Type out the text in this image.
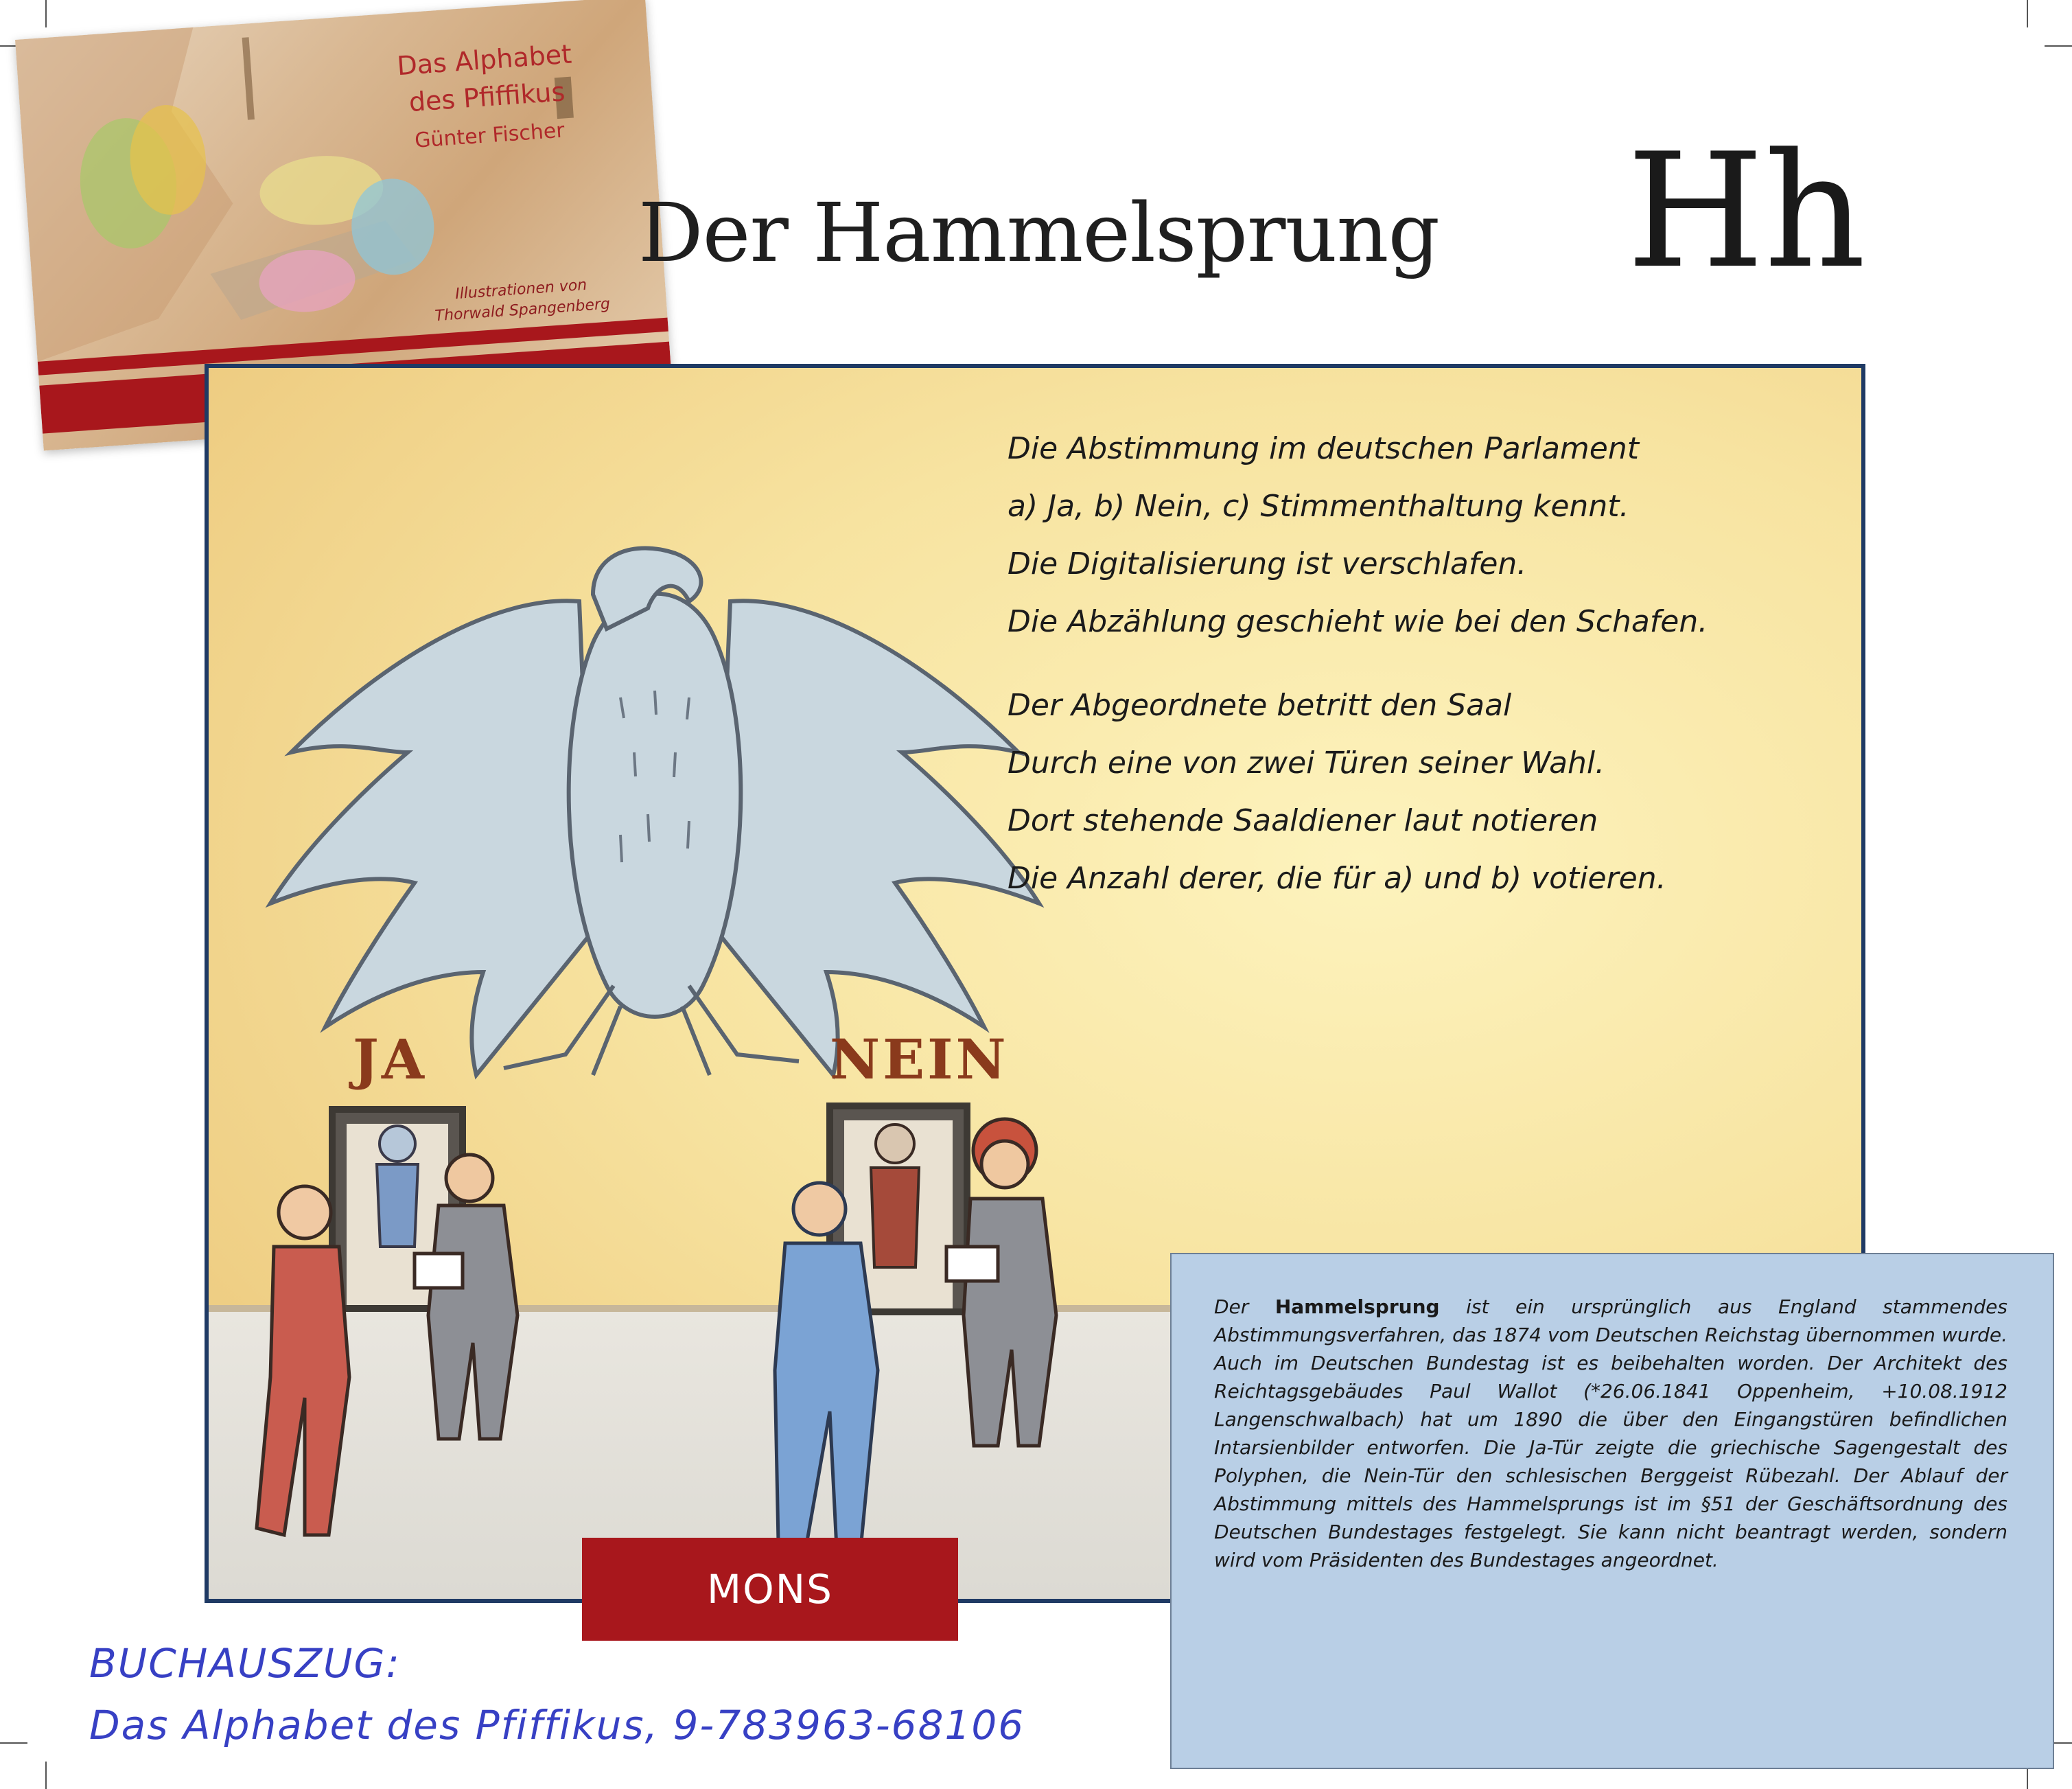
Das Alphabet
des Pfiffikus
Günter Fischer
Illustrationen von
Thorwald Spangenberg
Der Hammelsprung Hh
JA	NEIN

Die Abstimmung im deutschen Parlament

a) Ja, b) Nein, c) Stimmenthaltung kennt.

Die Digitalisierung ist verschlafen.

Die Abzählung geschieht wie bei den Schafen.

Der Abgeordnete betritt den Saal

Durch eine von zwei Türen seiner Wahl.

Dort stehende Saaldiener laut notieren

Die Anzahl derer, die für a) und b) votieren.

MONS

Der Hammelsprung ist ein ursprünglich aus England stammendes Abstimmungsverfahren, das 1874 vom Deutschen Reichstag übernommen wurde. Auch im Deutschen Bundestag ist es beibehalten worden. Der Architekt des Reichtagsgebäudes Paul Wallot (*26.06.1841 Oppenheim, +10.08.1912 Langenschwalbach) hat um 1890 die über den Eingangstüren befindlichen Intarsienbilder entworfen. Die Ja-Tür zeigte die griechische Sagengestalt des Polyphen, die Nein-Tür den schlesischen Berggeist Rübezahl. Der Ablauf der Abstimmung mittels des Hammelsprungs ist im §51 der Geschäftsordnung des Deutschen Bundestages festgelegt. Sie kann nicht beantragt werden, sondern wird vom Präsidenten des Bundestages angeordnet.

BUCHAUSZUG:
Das Alphabet des Pfiffikus, 9-783963-68106
